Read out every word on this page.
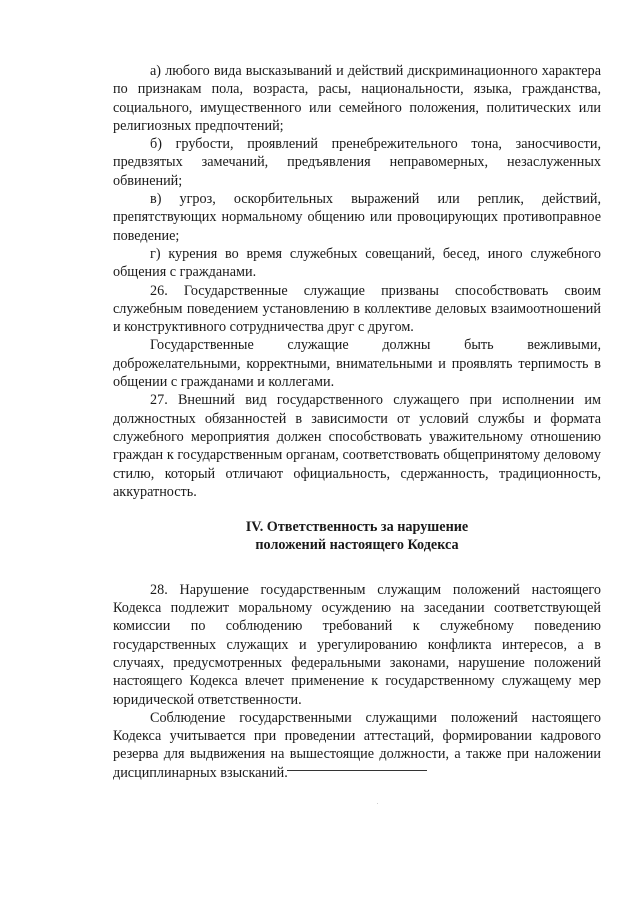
а) любого вида высказываний и действий дискриминационного характера по признакам пола, возраста, расы, национальности, языка, гражданства, социального, имущественного или семейного положения, политических или религиозных предпочтений;

б) грубости, проявлений пренебрежительного тона, заносчивости, предвзятых замечаний, предъявления неправомерных, незаслуженных обвинений;

в) угроз, оскорбительных выражений или реплик, действий, препятствующих нормальному общению или провоцирующих противоправное поведение;

г) курения во время служебных совещаний, бесед, иного служебного общения с гражданами.

26. Государственные служащие призваны способствовать своим служебным поведением установлению в коллективе деловых взаимоотношений и конструктивного сотрудничества друг с другом.

Государственные служащие должны быть вежливыми, доброжелательными, корректными, внимательными и проявлять терпимость в общении с гражданами и коллегами.

27. Внешний вид государственного служащего при исполнении им должностных обязанностей в зависимости от условий службы и формата служебного мероприятия должен способствовать уважительному отношению граждан к государственным органам, соответствовать общепринятому деловому стилю, который отличают официальность, сдержанность, традиционность, аккуратность.

IV. Ответственность за нарушение

положений настоящего Кодекса

28. Нарушение государственным служащим положений настоящего Кодекса подлежит моральному осуждению на заседании соответствующей комиссии по соблюдению требований к служебному поведению государственных служащих и урегулированию конфликта интересов, а в случаях, предусмотренных федеральными законами, нарушение положений настоящего Кодекса влечет применение к государственному служащему мер юридической ответственности.

Соблюдение государственными служащими положений настоящего Кодекса учитывается при проведении аттестаций, формировании кадрового резерва для выдвижения на вышестоящие должности, а также при наложении дисциплинарных взысканий.
